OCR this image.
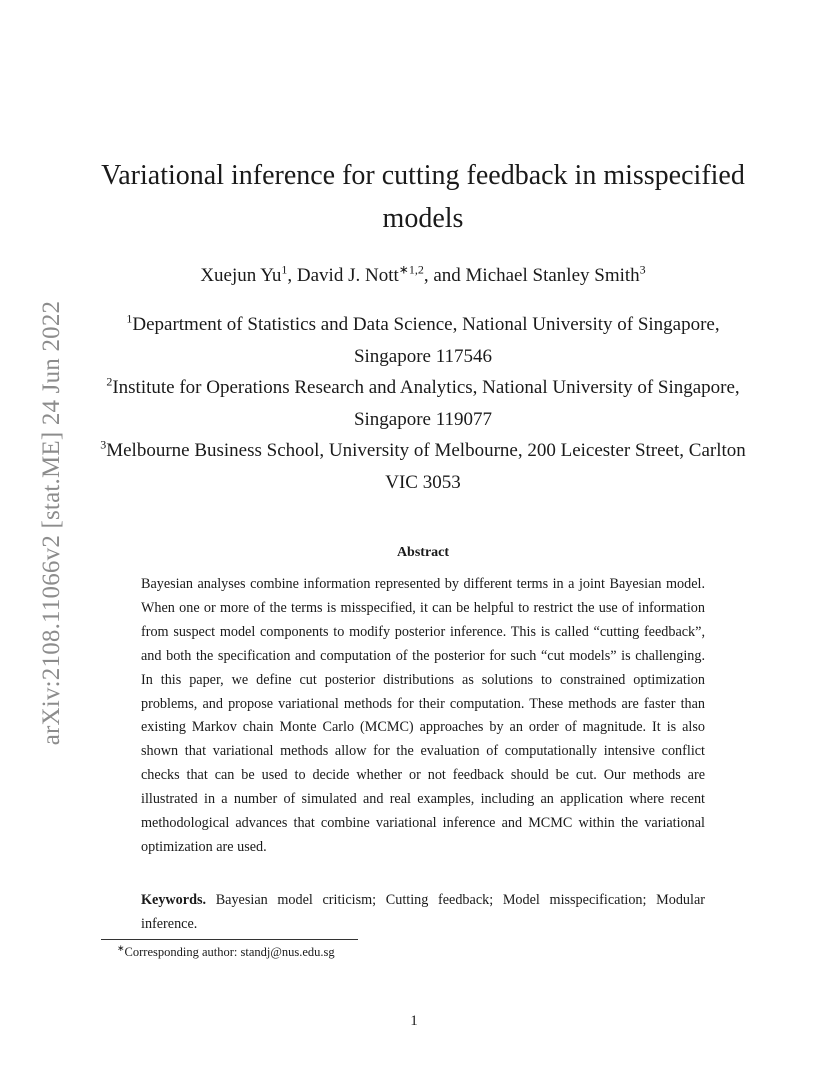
arXiv:2108.11066v2 [stat.ME] 24 Jun 2022
Variational inference for cutting feedback in misspecified models
Xuejun Yu$^1$, David J. Nott$^{∗1,2}$, and Michael Stanley Smith$^3$
$^1$Department of Statistics and Data Science, National University of Singapore, Singapore 117546
$^2$Institute for Operations Research and Analytics, National University of Singapore, Singapore 119077
$^3$Melbourne Business School, University of Melbourne, 200 Leicester Street, Carlton VIC 3053
Abstract

Bayesian analyses combine information represented by different terms in a joint Bayesian model. When one or more of the terms is misspecified, it can be helpful to restrict the use of information from suspect model components to modify posterior inference. This is called “cutting feedback”, and both the specification and computation of the posterior for such “cut models” is challenging. In this paper, we define cut posterior distributions as solutions to constrained optimization problems, and propose variational methods for their computation. These methods are faster than existing Markov chain Monte Carlo (MCMC) approaches by an order of magnitude. It is also shown that variational methods allow for the evaluation of computationally intensive conflict checks that can be used to decide whether or not feedback should be cut. Our methods are illustrated in a number of simulated and real examples, including an application where recent methodological advances that combine variational inference and MCMC within the variational optimization are used.

Keywords. Bayesian model criticism; Cutting feedback; Model misspecification; Modular inference.

∗Corresponding author: standj@nus.edu.sg
1
